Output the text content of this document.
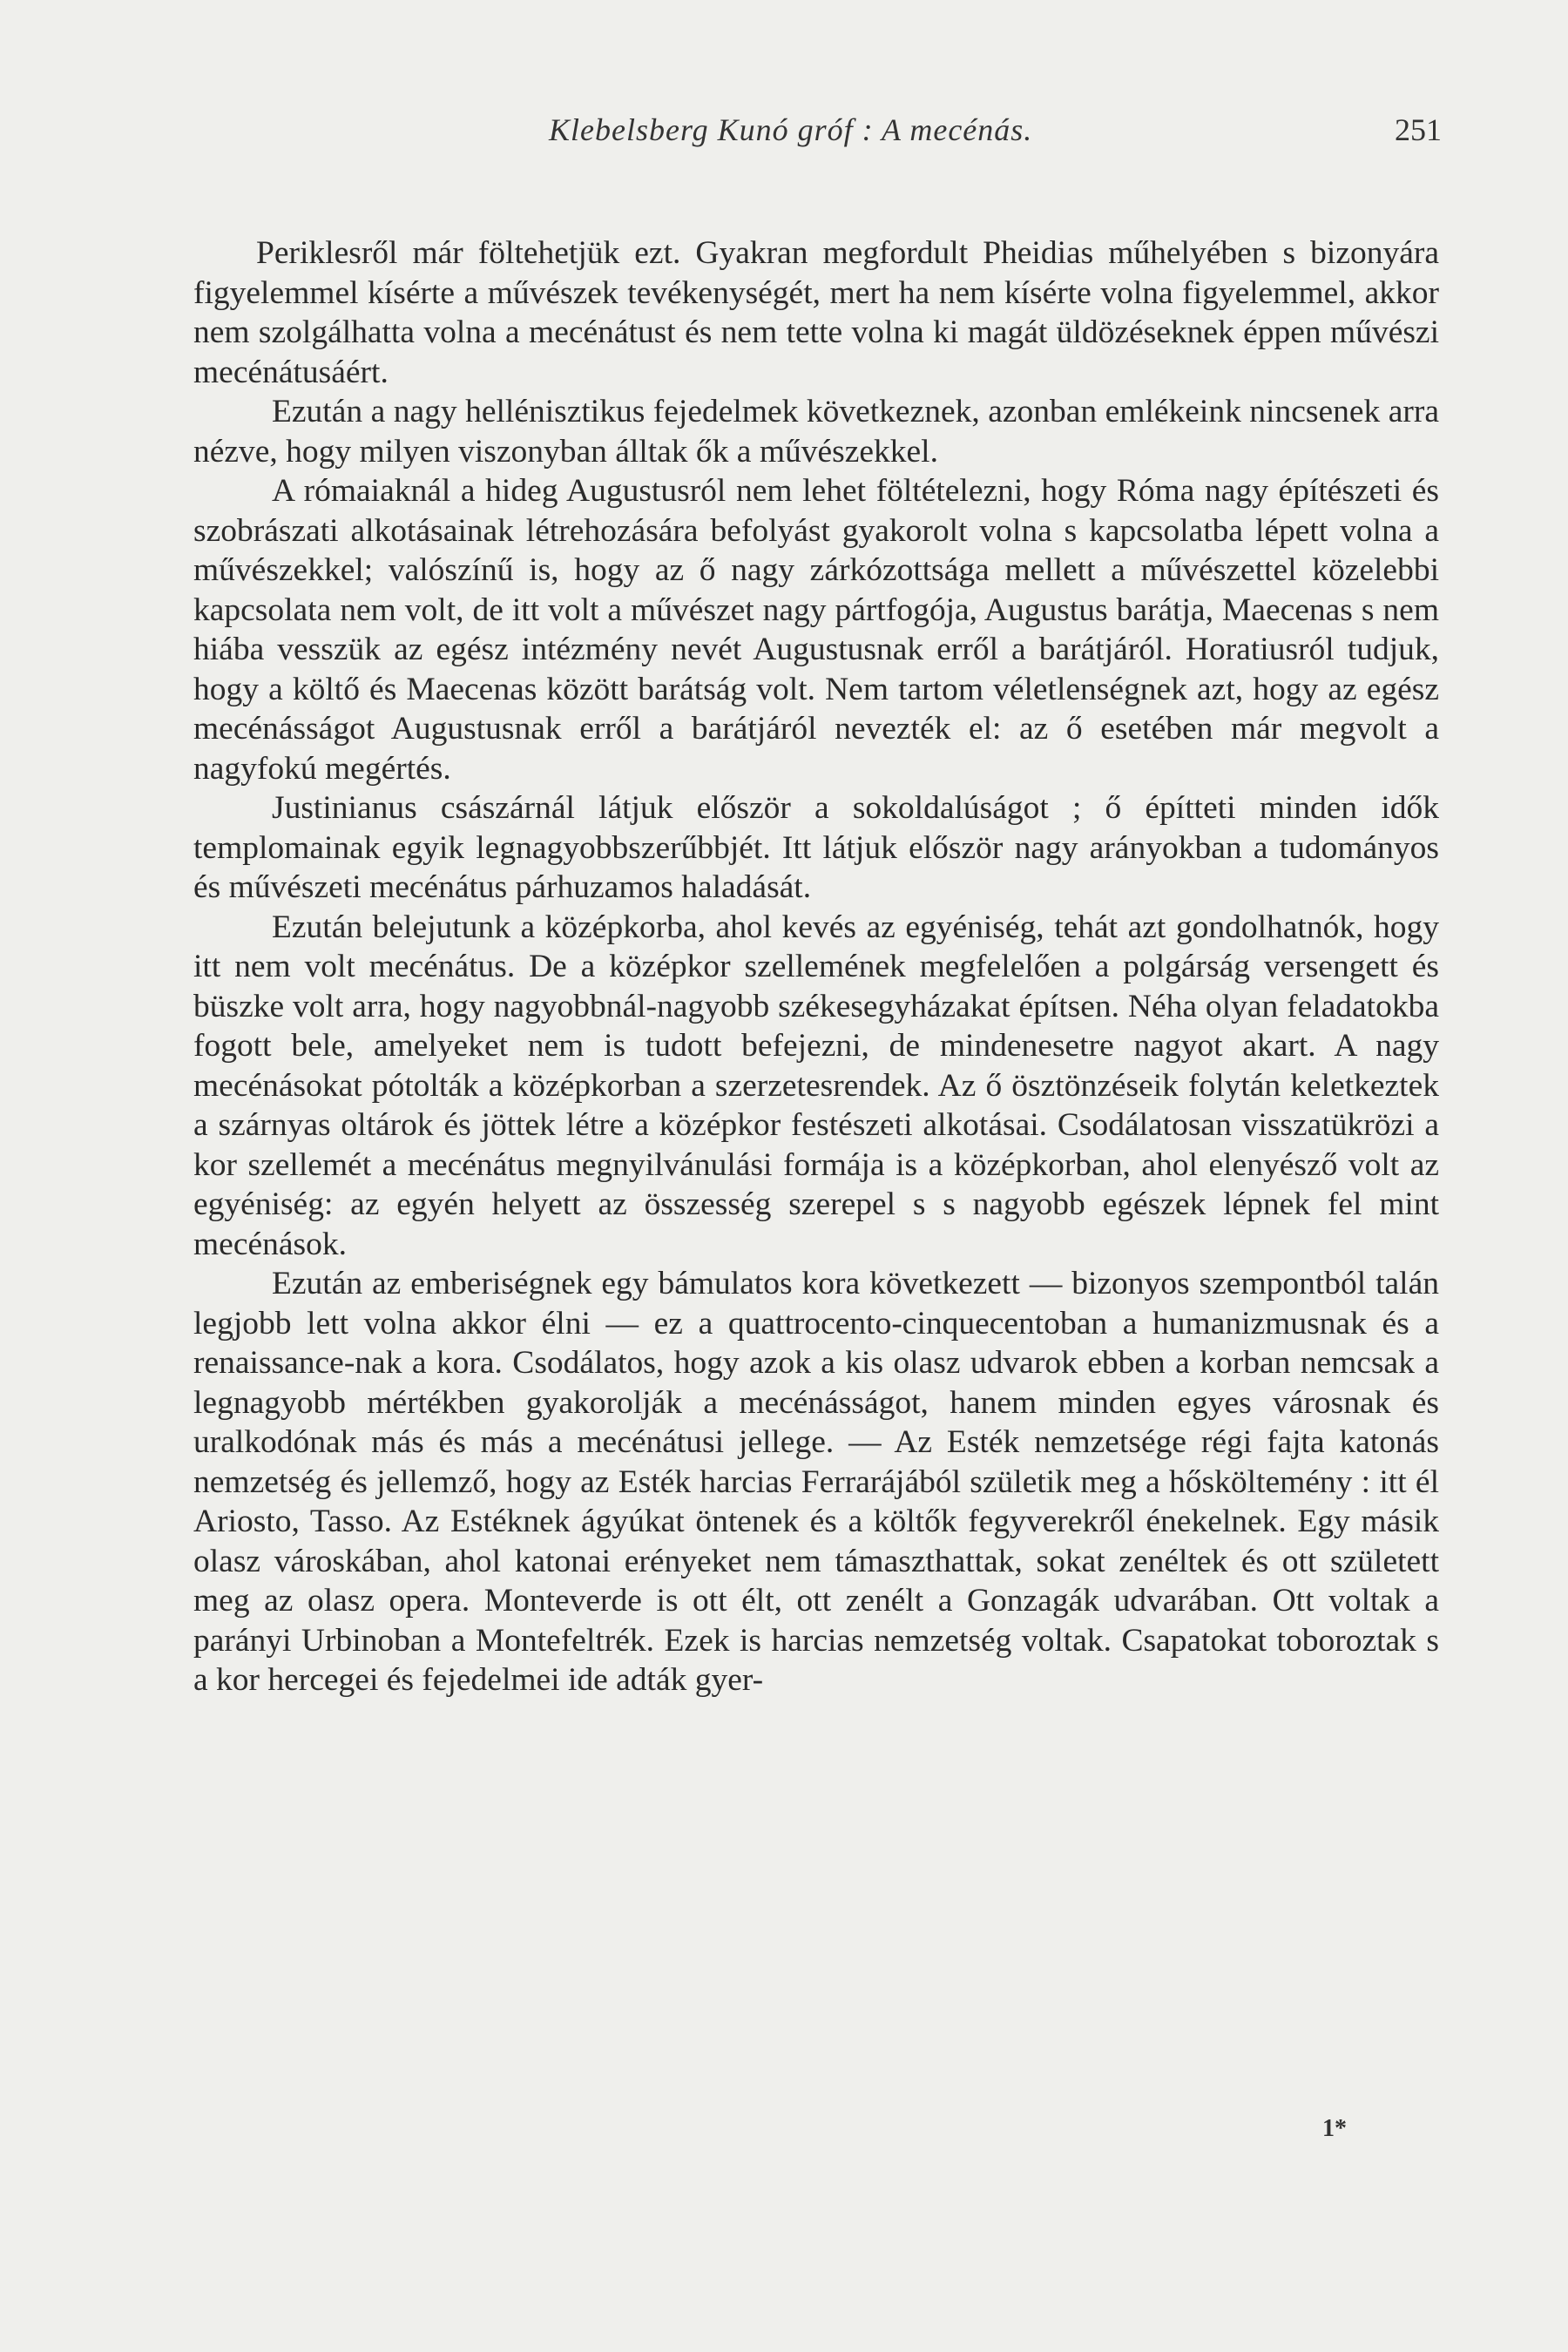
Klebelsberg Kunó gróf : A mecénás.	251

Periklesről már föltehetjük ezt. Gyakran megfordult Pheidias műhelyében s bizonyára figyelemmel kísérte a művészek tevékenységét, mert ha nem kísérte volna figyelemmel, akkor nem szolgálhatta volna a mecénátust és nem tette volna ki magát üldözéseknek éppen művészi mecénátusáért.

Ezután a nagy hellénisztikus fejedelmek következnek, azonban emlékeink nincsenek arra nézve, hogy milyen viszonyban álltak ők a művészekkel.

A rómaiaknál a hideg Augustusról nem lehet föltételezni, hogy Róma nagy építészeti és szobrászati alkotásainak létrehozására befolyást gyakorolt volna s kapcsolatba lépett volna a művészekkel; valószínű is, hogy az ő nagy zárkózottsága mellett a művészettel közelebbi kapcsolata nem volt, de itt volt a művészet nagy pártfogója, Augustus barátja, Maecenas s nem hiába vesszük az egész intézmény nevét Augustusnak erről a barátjáról. Horatiusról tudjuk, hogy a költő és Maecenas között barátság volt. Nem tartom véletlenségnek azt, hogy az egész mecénásságot Augustusnak erről a barátjáról nevezték el: az ő esetében már megvolt a nagyfokú megértés.

Justinianus császárnál látjuk először a sokoldalúságot ; ő építteti minden idők templomainak egyik legnagyobbszerűbbjét. Itt látjuk először nagy arányokban a tudományos és művészeti mecénátus párhuzamos haladását.

Ezután belejutunk a középkorba, ahol kevés az egyéniség, tehát azt gondolhatnók, hogy itt nem volt mecénátus. De a középkor szellemének megfelelően a polgárság versengett és büszke volt arra, hogy nagyobbnál-nagyobb székesegyházakat építsen. Néha olyan feladatokba fogott bele, amelyeket nem is tudott befejezni, de mindenesetre nagyot akart. A nagy mecénásokat pótolták a középkorban a szerzetesrendek. Az ő ösztönzéseik folytán keletkeztek a szárnyas oltárok és jöttek létre a középkor festészeti alkotásai. Csodálatosan visszatükrözi a kor szellemét a mecénátus megnyilvánulási formája is a középkorban, ahol elenyésző volt az egyéniség: az egyén helyett az összesség szerepel s s nagyobb egészek lépnek fel mint mecénások.

Ezután az emberiségnek egy bámulatos kora következett — bizonyos szempontból talán legjobb lett volna akkor élni — ez a quattrocento-cinquecentoban a humanizmusnak és a renaissance-nak a kora. Csodálatos, hogy azok a kis olasz udvarok ebben a korban nemcsak a legnagyobb mértékben gyakorolják a mecénásságot, hanem minden egyes városnak és uralkodónak más és más a mecénátusi jellege. — Az Esték nemzetsége régi fajta katonás nemzetség és jellemző, hogy az Esték harcias Ferrarájából születik meg a hősköltemény : itt él Ariosto, Tasso. Az Estéknek ágyúkat öntenek és a költők fegyverekről énekelnek. Egy másik olasz városkában, ahol katonai erényeket nem támaszthattak, sokat zenéltek és ott született meg az olasz opera. Monteverde is ott élt, ott zenélt a Gonzagák udvarában. Ott voltak a parányi Urbinoban a Montefeltrék. Ezek is harcias nemzetség voltak. Csapatokat toboroztak s a kor hercegei és fejedelmei ide adták gyer-

1*
